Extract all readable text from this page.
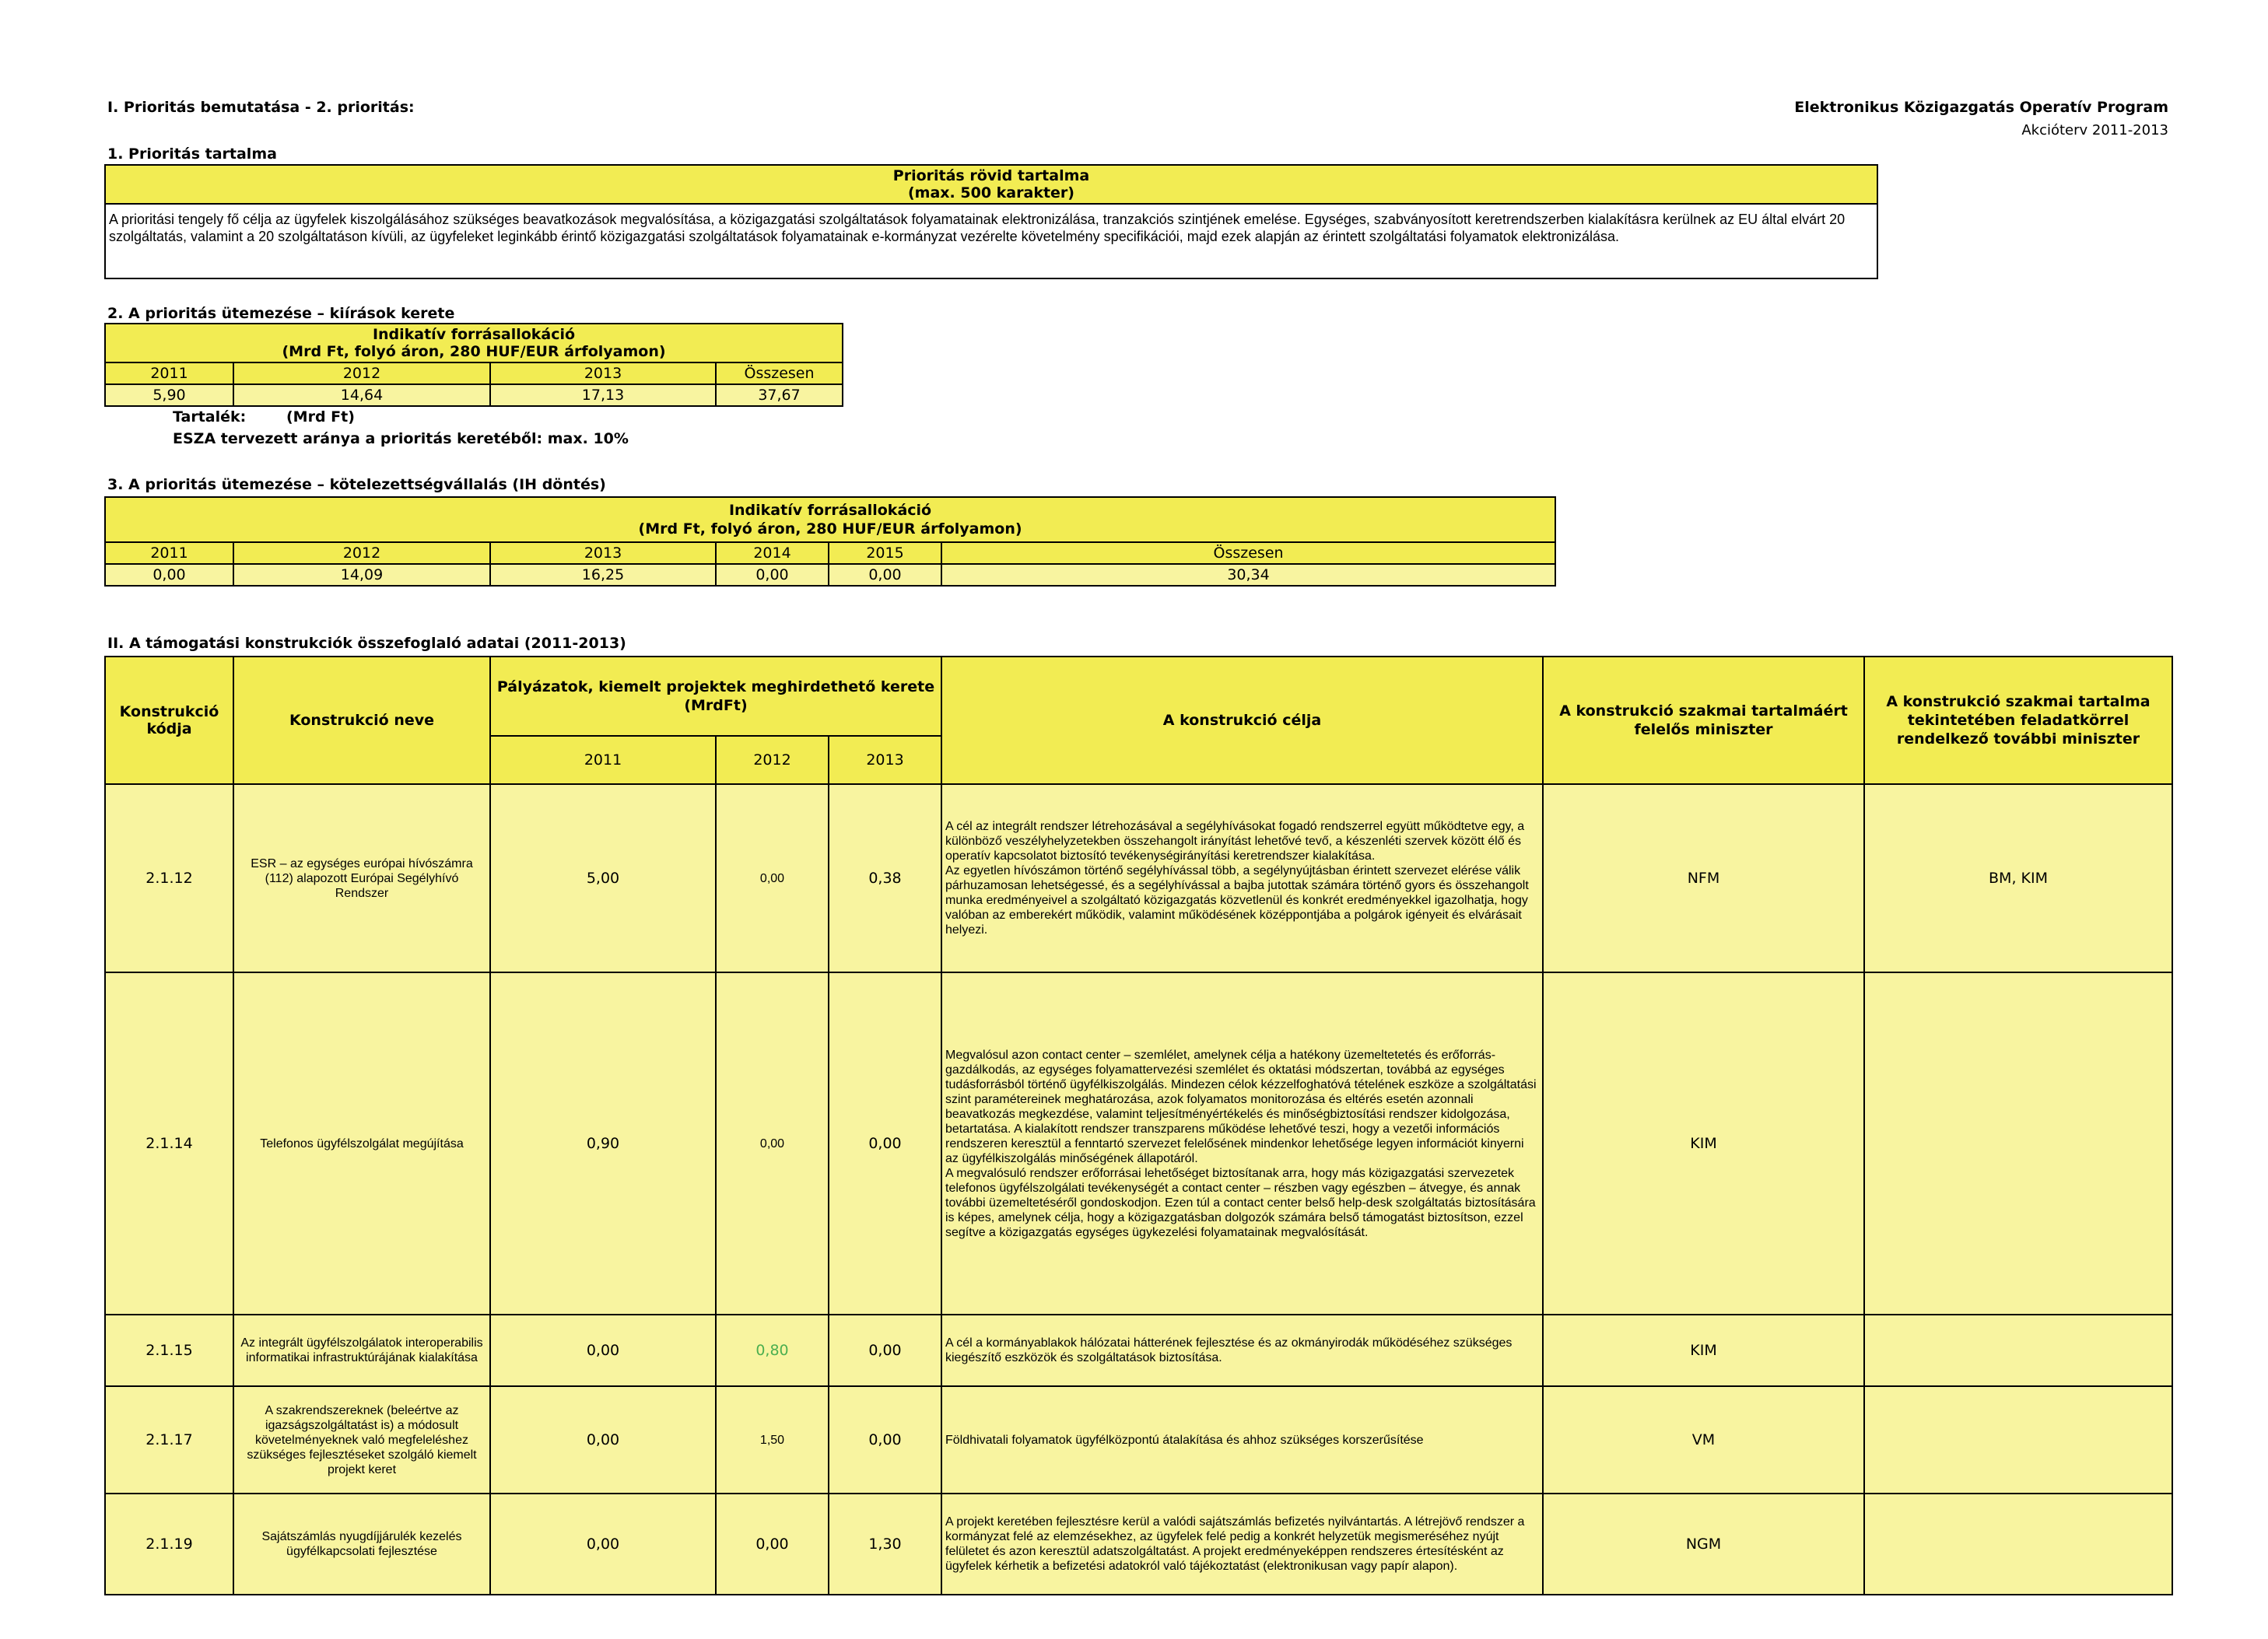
I. Prioritás bemutatása - 2. prioritás:	Elektronikus Közigazgatás Operatív Program
Akcióterv 2011-2013
1. Prioritás tartalma
Prioritás rövid tartalma
(max. 500 karakter)

A prioritási tengely fő célja az ügyfelek kiszolgálásához szükséges beavatkozások megvalósítása, a közigazgatási szolgáltatások folyamatainak elektronizálása, tranzakciós szintjének emelése. Egységes, szabványosított keretrendszerben kialakításra kerülnek az EU által elvárt 20 szolgáltatás, valamint a 20 szolgáltatáson kívüli, az ügyfeleket leginkább érintő közigazgatási szolgáltatások folyamatainak e-kormányzat vezérelte követelmény specifikációi, majd ezek alapján az érintett szolgáltatási folyamatok elektronizálása.
2. A prioritás ütemezése – kiírások kerete
Indikatív forrásallokáció
(Mrd Ft, folyó áron, 280 HUF/EUR árfolyamon)			

2011	2012	2013	Összesen
5,90	14,64	17,13	37,67
Tartalék:	(Mrd Ft)
ESZA tervezett aránya a prioritás keretéből: max. 10%
3. A prioritás ütemezése – kötelezettségvállalás (IH döntés)
Indikatív forrásallokáció
(Mrd Ft, folyó áron, 280 HUF/EUR árfolyamon)					

2011	2012	2013	2014	2015	Összesen
0,00	14,09	16,25	0,00	0,00	30,34
II. A támogatási konstrukciók összefoglaló adatai (2011-2013)
Konstrukció kódja	Konstrukció neve	Pályázatok, kiemelt projektek meghirdethető kerete (MrdFt)			A konstrukció célja	A konstrukció szakmai tartalmáért felelős miniszter	A konstrukció szakmai tartalma tekintetében feladatkörrel rendelkező további miniszter
		2011	2012	2013			
2.1.12	ESR – az egységes európai hívószámra (112) alapozott Európai Segélyhívó Rendszer	5,00	0,00	0,38	A cél az integrált rendszer létrehozásával a segélyhívásokat fogadó rendszerrel együtt működtetve egy, a különböző veszélyhelyzetekben összehangolt irányítást lehetővé tevő, a készenléti szervek között élő és operatív kapcsolatot biztosító tevékenységirányítási keretrendszer kialakítása.
Az egyetlen hívószámon történő segélyhívással több, a segélynyújtásban érintett szervezet elérése válik párhuzamosan lehetségessé, és a segélyhívással a bajba jutottak számára történő gyors és összehangolt munka eredményeivel a szolgáltató közigazgatás közvetlenül és konkrét eredményekkel igazolhatja, hogy valóban az emberekért működik, valamint működésének középpontjába a polgárok igényeit és elvárásait helyezi.	NFM	BM, KIM
2.1.14	Telefonos ügyfélszolgálat megújítása	0,90	0,00	0,00	Megvalósul azon contact center – szemlélet, amelynek célja a hatékony üzemeltetetés és erőforrás-gazdálkodás, az egységes folyamattervezési szemlélet és oktatási módszertan, továbbá az egységes tudásforrásból történő ügyfélkiszolgálás. Mindezen célok kézzelfoghatóvá tételének eszköze a szolgáltatási szint paramétereinek meghatározása, azok folyamatos monitorozása és eltérés esetén azonnali beavatkozás megkezdése, valamint teljesítményértékelés és minőségbiztosítási rendszer kidolgozása, betartatása. A kialakított rendszer transzparens működése lehetővé teszi, hogy a vezetői információs rendszeren keresztül a fenntartó szervezet felelősének mindenkor lehetősége legyen információt kinyerni az ügyfélkiszolgálás minőségének állapotáról.
A megvalósuló rendszer erőforrásai lehetőséget biztosítanak arra, hogy más közigazgatási szervezetek telefonos ügyfélszolgálati tevékenységét a contact center – részben vagy egészben – átvegye, és annak további üzemeltetéséről gondoskodjon. Ezen túl a contact center belső help-desk szolgáltatás biztosítására is képes, amelynek célja, hogy a közigazgatásban dolgozók számára belső támogatást biztosítson, ezzel segítve a közigazgatás egységes ügykezelési folyamatainak megvalósítását.	KIM	
2.1.15	Az integrált ügyfélszolgálatok interoperabilis informatikai infrastruktúrájának kialakítása	0,00	0,80	0,00	A cél a kormányablakok hálózatai hátterének fejlesztése és az okmányirodák működéséhez szükséges kiegészítő eszközök és szolgáltatások biztosítása.	KIM	
2.1.17	A szakrendszereknek (beleértve az igazságszolgáltatást is) a módosult követelményeknek való megfeleléshez szükséges fejlesztéseket szolgáló kiemelt projekt keret	0,00	1,50	0,00	Földhivatali folyamatok ügyfélközpontú átalakítása és ahhoz szükséges korszerűsítése	VM	
2.1.19	Sajátszámlás nyugdíjjárulék kezelés ügyfélkapcsolati fejlesztése	0,00	0,00	1,30	A projekt keretében fejlesztésre kerül a valódi sajátszámlás befizetés nyilvántartás. A létrejövő rendszer a kormányzat felé az elemzésekhez, az ügyfelek felé pedig a konkrét helyzetük megismeréséhez nyújt felületet és azon keresztül adatszolgáltatást. A projekt eredményeképpen rendszeres értesítésként az ügyfelek kérhetik a befizetési adatokról való tájékoztatást (elektronikusan vagy papír alapon).	NGM	
